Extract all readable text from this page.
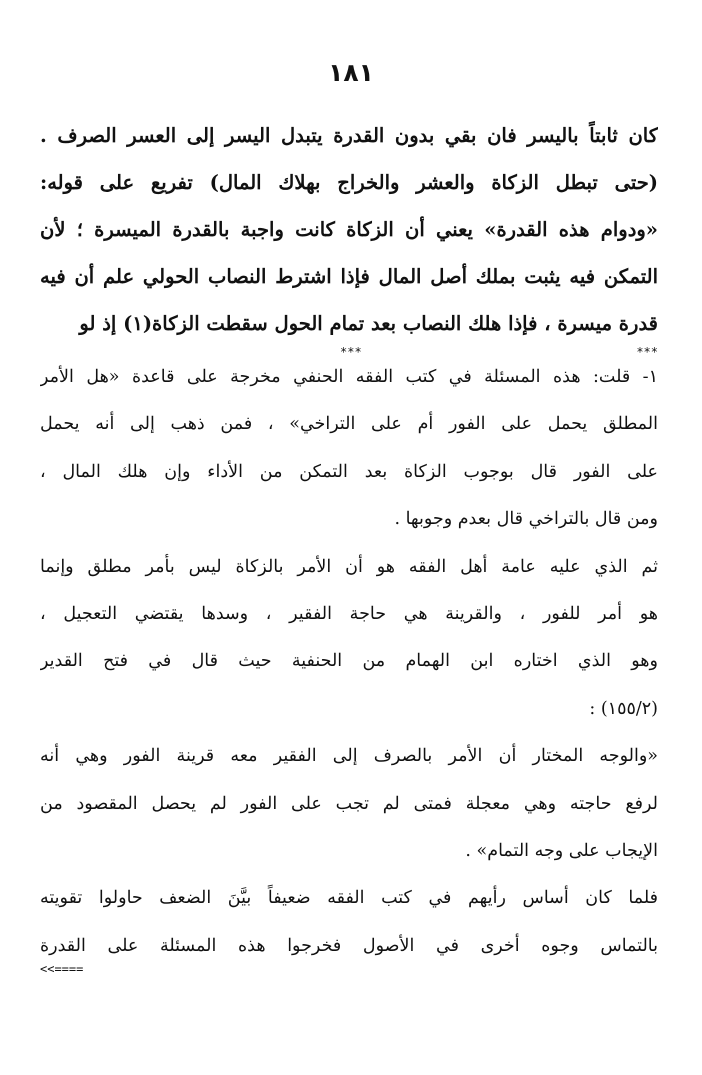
١٨١
كان ثابتاً باليسر فان بقي بدون القدرة يتبدل اليسر إلى العسر الصرف .
(حتى تبطل الزكاة والعشر والخراج بهلاك المال) تفريع على قوله:
«ودوام هذه القدرة» يعني أن الزكاة كانت واجبة بالقدرة الميسرة ؛ لأن
التمكن فيه يثبت بملك أصل المال فإذا اشترط النصاب الحولي علم أن فيه
قدرة ميسرة ، فإذا هلك النصاب بعد تمام الحول سقطت الزكاة(١) إذ لو
***
***
١- قلت: هذه المسئلة في كتب الفقه الحنفي مخرجة على قاعدة «هل الأمر
المطلق يحمل على الفور أم على التراخي» ، فمن ذهب إلى أنه يحمل
على الفور قال بوجوب الزكاة بعد التمكن من الأداء وإن هلك المال ،
ومن قال بالتراخي قال بعدم وجوبها .
ثم الذي عليه عامة أهل الفقه هو أن الأمر بالزكاة ليس بأمر مطلق وإنما
هو أمر للفور ، والقرينة هي حاجة الفقير ، وسدها يقتضي التعجيل ،
وهو الذي اختاره ابن الهمام من الحنفية حيث قال في فتح القدير
(١٥٥/٢) :
«والوجه المختار أن الأمر بالصرف إلى الفقير معه قرينة الفور وهي أنه
لرفع حاجته وهي معجلة فمتى لم تجب على الفور لم يحصل المقصود من
الإيجاب على وجه التمام» .
فلما كان أساس رأيهم في كتب الفقه ضعيفاً بيَّنَ الضعف حاولوا تقويته
بالتماس وجوه أخرى في الأصول فخرجوا هذه المسئلة على القدرة
<<====
